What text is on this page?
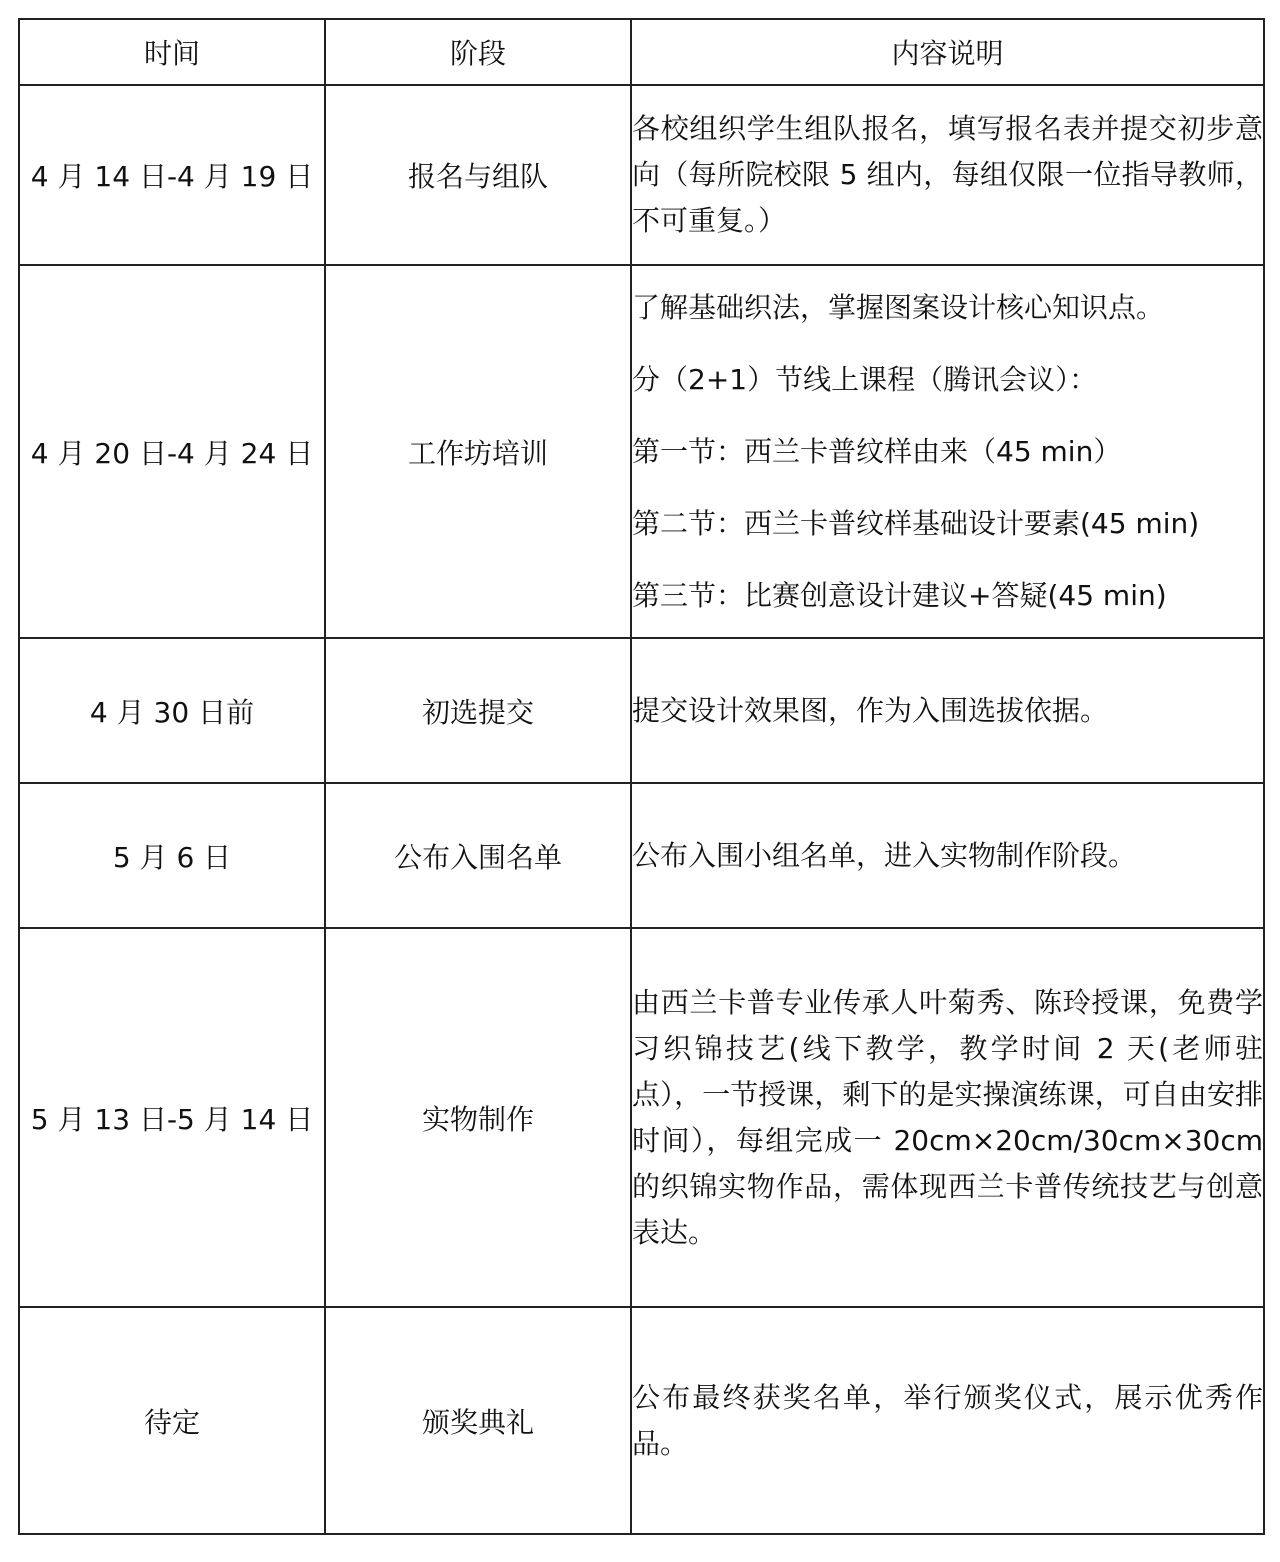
时间	阶段	内容说明
4 月 14 日-4 月 19 日	报名与组队	各校组织学生组队报名，填写报名表并提交初步意向（每所院校限 5 组内，每组仅限一位指导教师，不可重复。）
4 月 20 日-4 月 24 日	工作坊培训	了解基础织法，掌握图案设计核心知识点。

分（2+1）节线上课程（腾讯会议）：

第一节：西兰卡普纹样由来（45 min）

第二节：西兰卡普纹样基础设计要素(45 min)

第三节：比赛创意设计建议+答疑(45 min)

4 月 30 日前	初选提交	提交设计效果图，作为入围选拔依据。
5 月 6 日	公布入围名单	公布入围小组名单，进入实物制作阶段。
5 月 13 日-5 月 14 日	实物制作	由西兰卡普专业传承人叶菊秀、陈玲授课，免费学习织锦技艺(线下教学，教学时间 2 天(老师驻点），一节授课，剩下的是实操演练课，可自由安排时间），每组完成一 20cm×20cm/30cm×30cm 的织锦实物作品，需体现西兰卡普传统技艺与创意表达。
待定	颁奖典礼	公布最终获奖名单，举行颁奖仪式，展示优秀作品。
